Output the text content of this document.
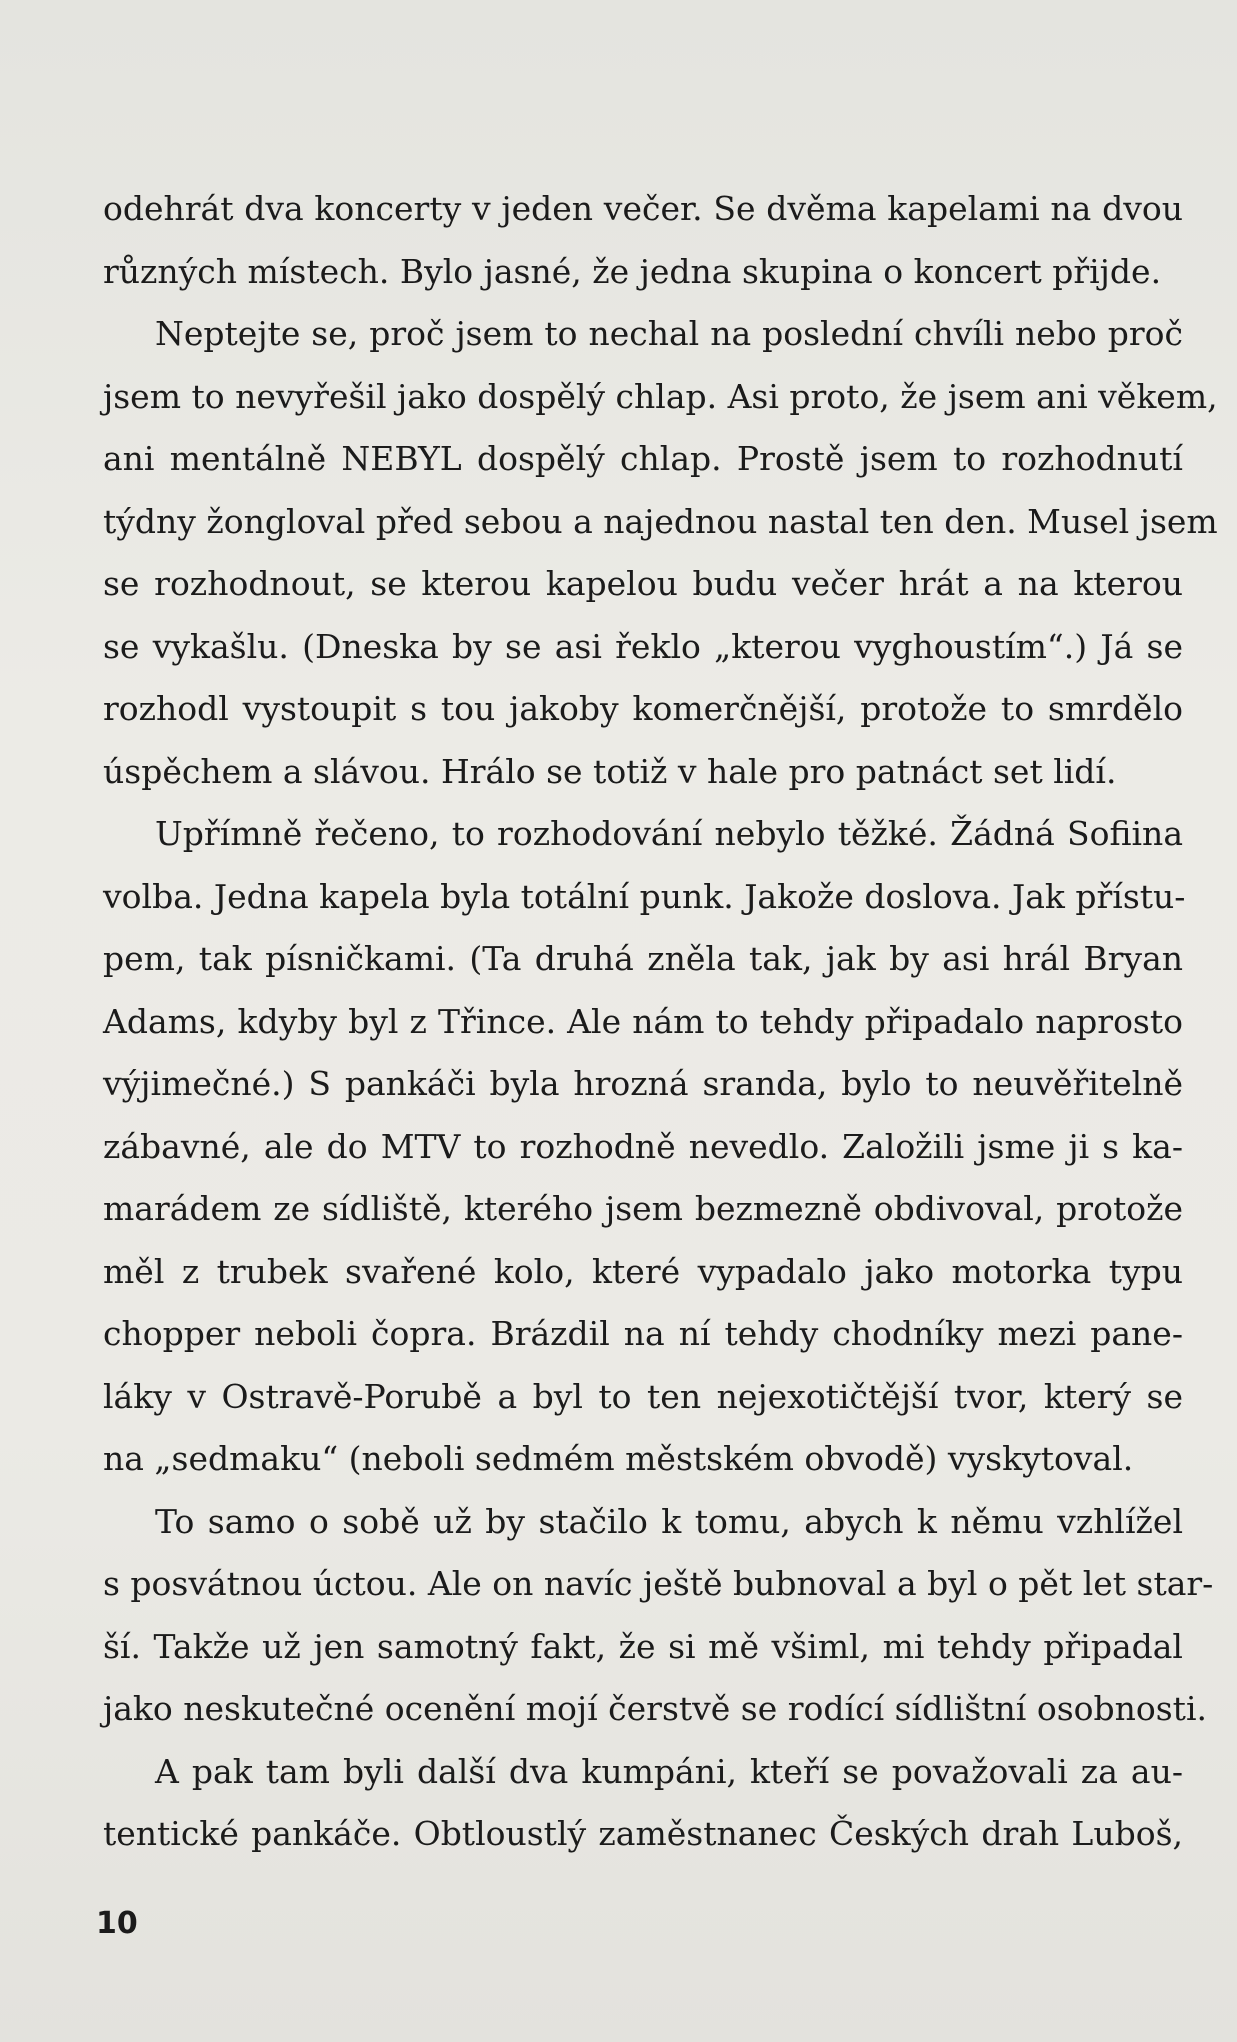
odehrát dva koncerty v jeden večer. Se dvěma kapelami na dvou
různých místech. Bylo jasné, že jedna skupina o koncert přijde.
Neptejte se, proč jsem to nechal na poslední chvíli nebo proč
jsem to nevyřešil jako dospělý chlap. Asi proto, že jsem ani věkem,
ani mentálně NEBYL dospělý chlap. Prostě jsem to rozhodnutí
týdny žongloval před sebou a najednou nastal ten den. Musel jsem
se rozhodnout, se kterou kapelou budu večer hrát a na kterou
se vykašlu. (Dneska by se asi řeklo „kterou vyghoustím“.) Já se
rozhodl vystoupit s tou jakoby komerčnější, protože to smrdělo
úspěchem a slávou. Hrálo se totiž v hale pro patnáct set lidí.
Upřímně řečeno, to rozhodování nebylo těžké. Žádná Sofiina
volba. Jedna kapela byla totální punk. Jakože doslova. Jak přístu-
pem, tak písničkami. (Ta druhá zněla tak, jak by asi hrál Bryan
Adams, kdyby byl z Třince. Ale nám to tehdy připadalo naprosto
výjimečné.) S pankáči byla hrozná sranda, bylo to neuvěřitelně
zábavné, ale do MTV to rozhodně nevedlo. Založili jsme ji s ka-
marádem ze sídliště, kterého jsem bezmezně obdivoval, protože
měl z trubek svařené kolo, které vypadalo jako motorka typu
chopper neboli čopra. Brázdil na ní tehdy chodníky mezi pane-
láky v Ostravě-Porubě a byl to ten nejexotičtější tvor, který se
na „sedmaku“ (neboli sedmém městském obvodě) vyskytoval.
To samo o sobě už by stačilo k tomu, abych k němu vzhlížel
s posvátnou úctou. Ale on navíc ještě bubnoval a byl o pět let star-
ší. Takže už jen samotný fakt, že si mě všiml, mi tehdy připadal
jako neskutečné ocenění mojí čerstvě se rodící sídlištní osobnosti.
A pak tam byli další dva kumpáni, kteří se považovali za au-
tentické pankáče. Obtloustlý zaměstnanec Českých drah Luboš,
10
